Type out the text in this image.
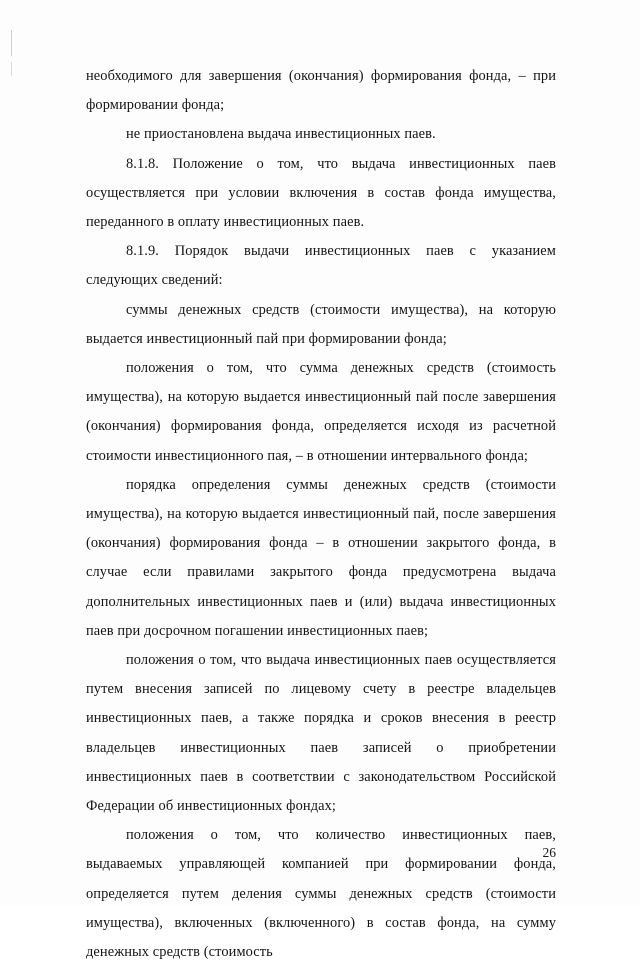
необходимого для завершения (окончания) формирования фонда, – при формировании фонда;

не приостановлена выдача инвестиционных паев.

8.1.8. Положение о том, что выдача инвестиционных паев осуществляется при условии включения в состав фонда имущества, переданного в оплату инвестиционных паев.

8.1.9. Порядок выдачи инвестиционных паев с указанием следующих сведений:

суммы денежных средств (стоимости имущества), на которую выдается инвестиционный пай при формировании фонда;

положения о том, что сумма денежных средств (стоимость имущества), на которую выдается инвестиционный пай после завершения (окончания) формирования фонда, определяется исходя из расчетной стоимости инвестиционного пая, – в отношении интервального фонда;

порядка определения суммы денежных средств (стоимости имущества), на которую выдается инвестиционный пай, после завершения (окончания) формирования фонда – в отношении закрытого фонда, в случае если правилами закрытого фонда предусмотрена выдача дополнительных инвестиционных паев и (или) выдача инвестиционных паев при досрочном погашении инвестиционных паев;

положения о том, что выдача инвестиционных паев осуществляется путем внесения записей по лицевому счету в реестре владельцев инвестиционных паев, а также порядка и сроков внесения в реестр владельцев инвестиционных паев записей о приобретении инвестиционных паев в соответствии с законодательством Российской Федерации об инвестиционных фондах;

положения о том, что количество инвестиционных паев, выдаваемых управляющей компанией при формировании фонда, определяется путем деления суммы денежных средств (стоимости имущества), включенных (включенного) в состав фонда, на сумму денежных средств (стоимость

26
